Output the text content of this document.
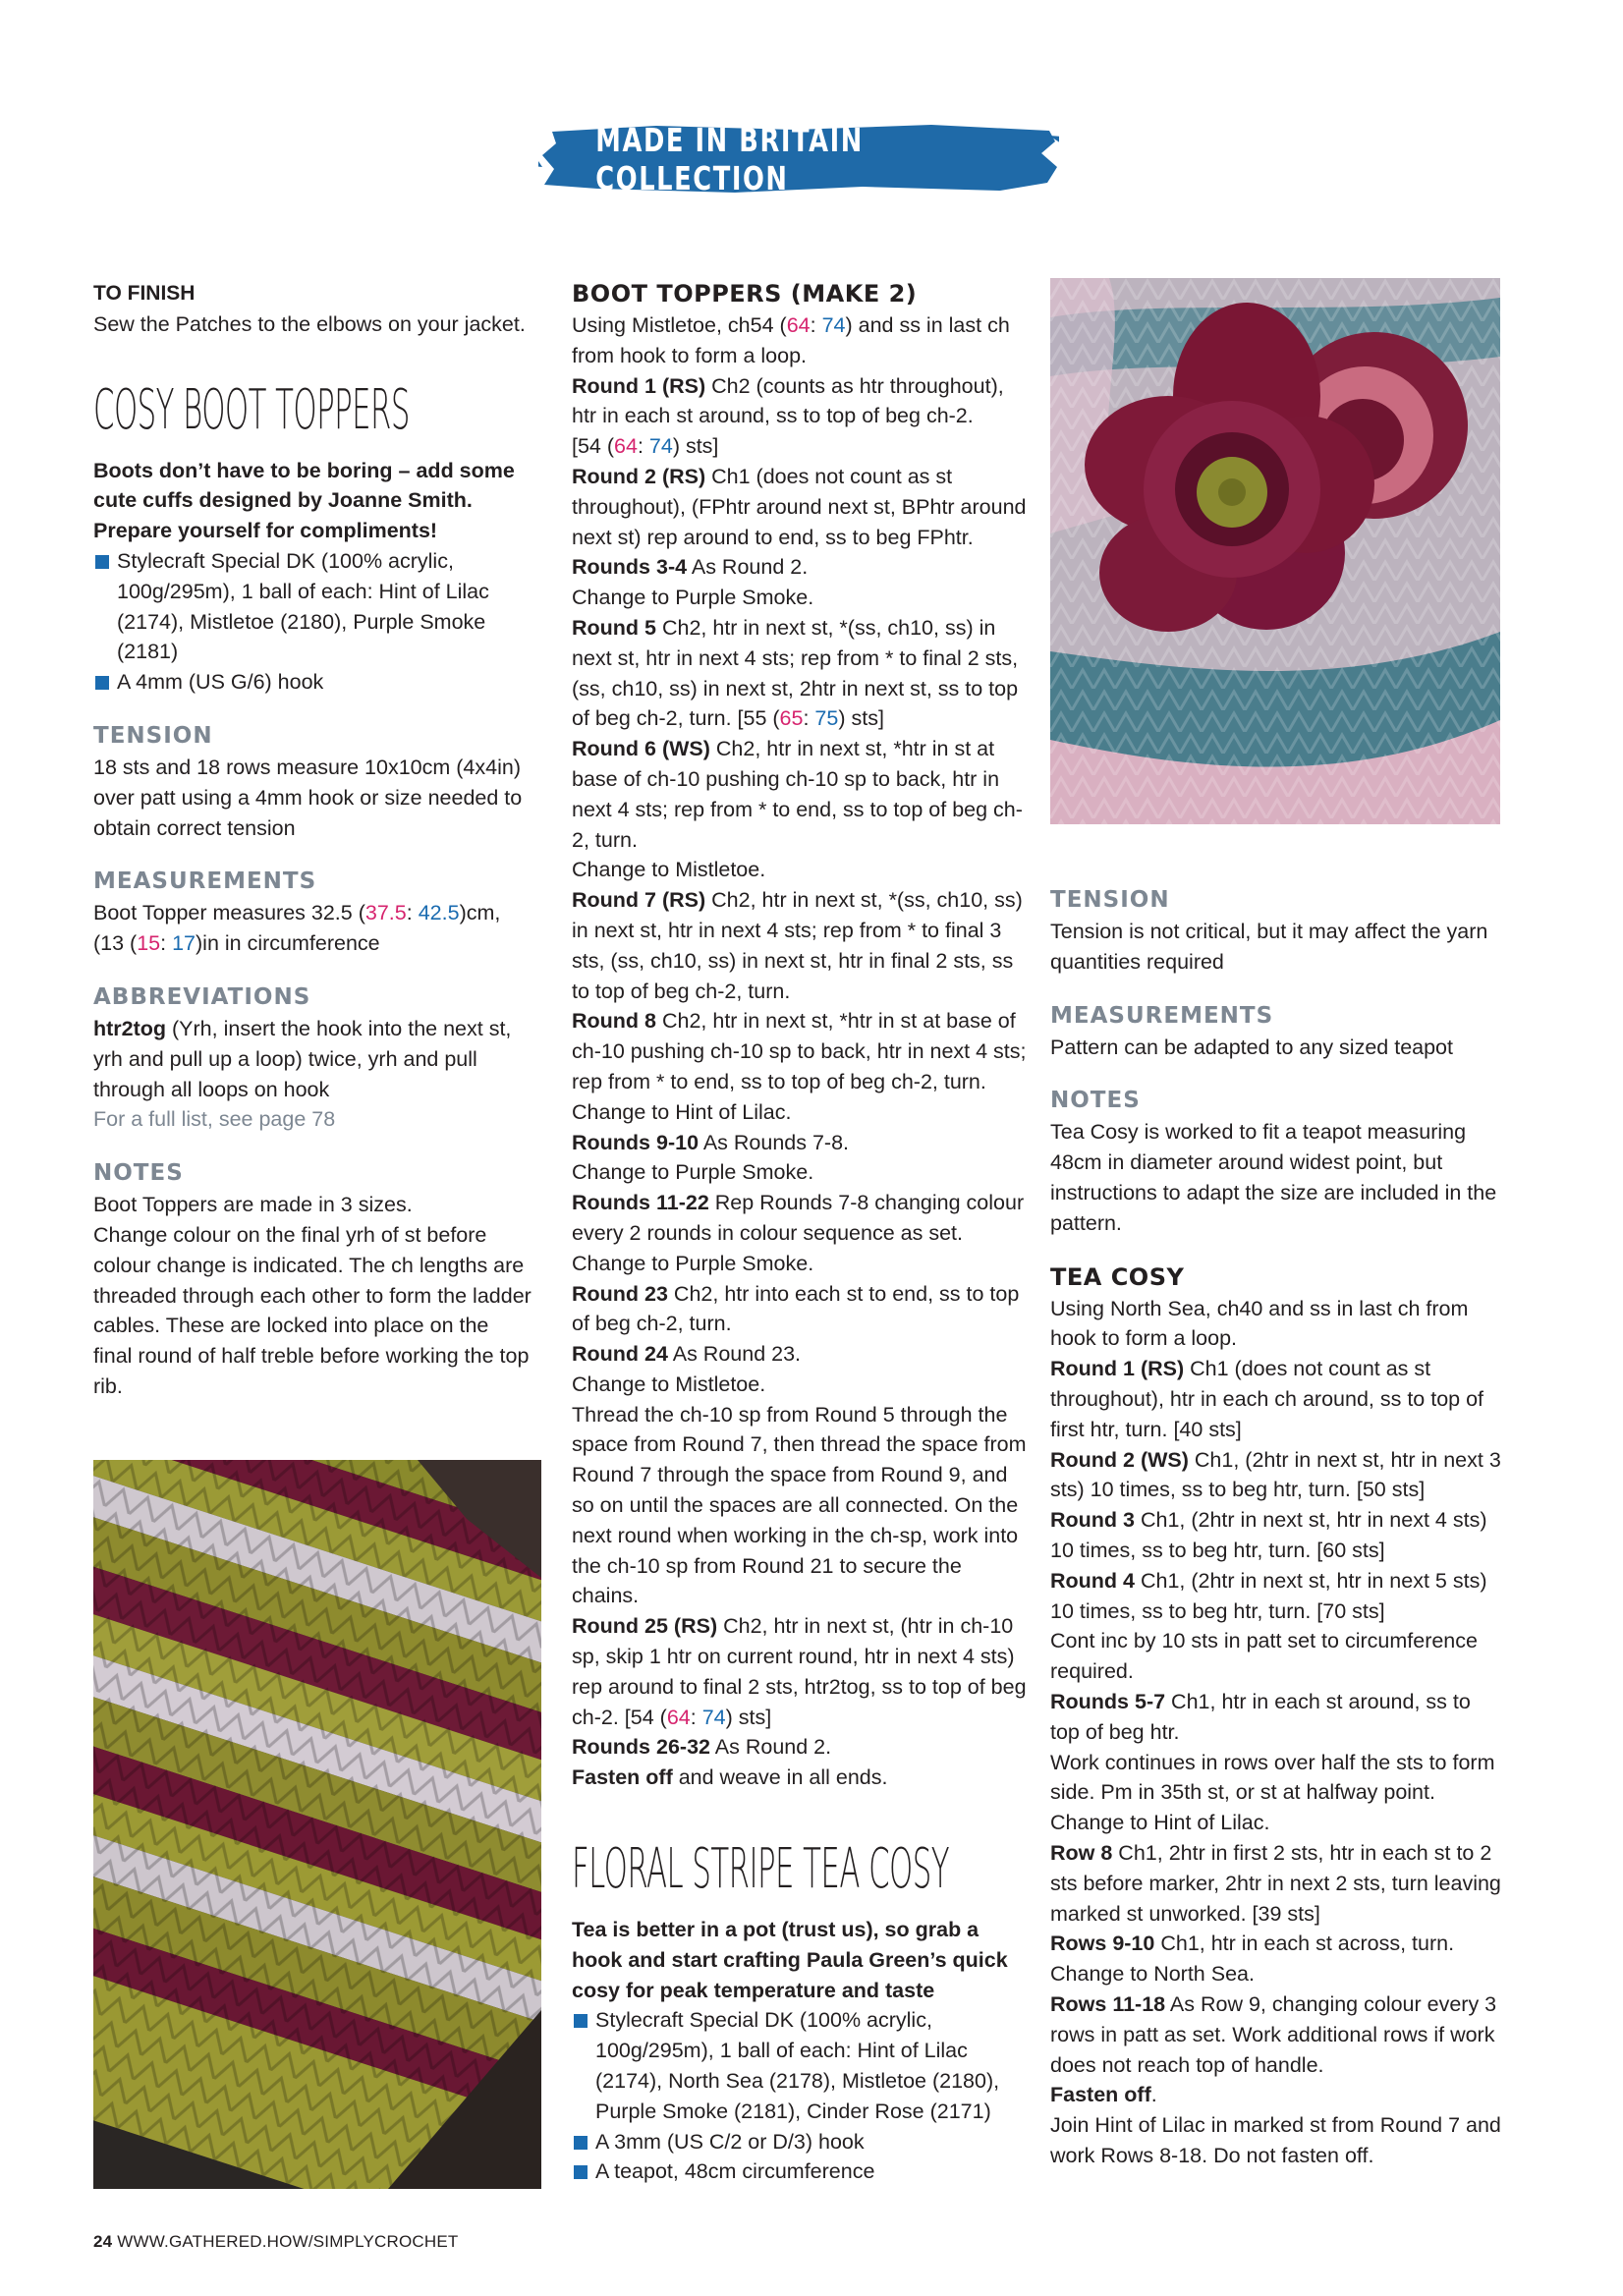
MADE IN BRITAIN COLLECTION

TO FINISH

Sew the Patches to the elbows on your jacket.

COSY BOOT TOPPERS

Boots don’t have to be boring – add some cute cuffs designed by Joanne Smith. Prepare yourself for compliments!

Stylecraft Special DK (100% acrylic, 100g/295m), 1 ball of each: Hint of Lilac (2174), Mistletoe (2180), Purple Smoke (2181)
A 4mm (US G/6) hook

TENSION

18 sts and 18 rows measure 10x10cm (4x4in) over patt using a 4mm hook or size needed to obtain correct tension

MEASUREMENTS

Boot Topper measures 32.5 (37.5: 42.5)cm,

(13 (15: 17)in in circumference

ABBREVIATIONS

htr2tog (Yrh, insert the hook into the next st, yrh and pull up a loop) twice, yrh and pull through all loops on hook

For a full list, see page 78

NOTES

Boot Toppers are made in 3 sizes.

Change colour on the final yrh of st before colour change is indicated. The ch lengths are threaded through each other to form the ladder cables. These are locked into place on the final round of half treble before working the top rib.

BOOT TOPPERS (MAKE 2)

Using Mistletoe, ch54 (64: 74) and ss in last ch from hook to form a loop.

Round 1 (RS) Ch2 (counts as htr throughout), htr in each st around, ss to top of beg ch-2.

[54 (64: 74) sts]

Round 2 (RS) Ch1 (does not count as st throughout), (FPhtr around next st, BPhtr around next st) rep around to end, ss to beg FPhtr.

Rounds 3-4 As Round 2.

Change to Purple Smoke.

Round 5 Ch2, htr in next st, *(ss, ch10, ss) in next st, htr in next 4 sts; rep from * to final 2 sts, (ss, ch10, ss) in next st, 2htr in next st, ss to top of beg ch-2, turn. [55 (65: 75) sts]

Round 6 (WS) Ch2, htr in next st, *htr in st at base of ch-10 pushing ch-10 sp to back, htr in next 4 sts; rep from * to end, ss to top of beg ch-2, turn.

Change to Mistletoe.

Round 7 (RS) Ch2, htr in next st, *(ss, ch10, ss) in next st, htr in next 4 sts; rep from * to final 3 sts, (ss, ch10, ss) in next st, htr in final 2 sts, ss to top of beg ch-2, turn.

Round 8 Ch2, htr in next st, *htr in st at base of ch-10 pushing ch-10 sp to back, htr in next 4 sts; rep from * to end, ss to top of beg ch-2, turn.

Change to Hint of Lilac.

Rounds 9-10 As Rounds 7-8.

Change to Purple Smoke.

Rounds 11-22 Rep Rounds 7-8 changing colour every 2 rounds in colour sequence as set.

Change to Purple Smoke.

Round 23 Ch2, htr into each st to end, ss to top of beg ch-2, turn.

Round 24 As Round 23.

Change to Mistletoe.

Thread the ch-10 sp from Round 5 through the space from Round 7, then thread the space from Round 7 through the space from Round 9, and so on until the spaces are all connected. On the next round when working in the ch-sp, work into the ch-10 sp from Round 21 to secure the chains.

Round 25 (RS) Ch2, htr in next st, (htr in ch-10 sp, skip 1 htr on current round, htr in next 4 sts) rep around to final 2 sts, htr2tog, ss to top of beg ch-2. [54 (64: 74) sts]

Rounds 26-32 As Round 2.

Fasten off and weave in all ends.

FLORAL STRIPE TEA COSY

Tea is better in a pot (trust us), so grab a hook and start crafting Paula Green’s quick cosy for peak temperature and taste

Stylecraft Special DK (100% acrylic, 100g/295m), 1 ball of each: Hint of Lilac (2174), North Sea (2178), Mistletoe (2180), Purple Smoke (2181), Cinder Rose (2171)
A 3mm (US C/2 or D/3) hook
A teapot, 48cm circumference

TENSION

Tension is not critical, but it may affect the yarn quantities required

MEASUREMENTS

Pattern can be adapted to any sized teapot

NOTES

Tea Cosy is worked to fit a teapot measuring 48cm in diameter around widest point, but instructions to adapt the size are included in the pattern.

TEA COSY

Using North Sea, ch40 and ss in last ch from hook to form a loop.

Round 1 (RS) Ch1 (does not count as st throughout), htr in each ch around, ss to top of first htr, turn. [40 sts]

Round 2 (WS) Ch1, (2htr in next st, htr in next 3 sts) 10 times, ss to beg htr, turn. [50 sts]

Round 3 Ch1, (2htr in next st, htr in next 4 sts) 10 times, ss to beg htr, turn. [60 sts]

Round 4 Ch1, (2htr in next st, htr in next 5 sts) 10 times, ss to beg htr, turn. [70 sts]

Cont inc by 10 sts in patt set to circumference required.

Rounds 5-7 Ch1, htr in each st around, ss to top of beg htr.

Work continues in rows over half the sts to form side. Pm in 35th st, or st at halfway point.

Change to Hint of Lilac.

Row 8 Ch1, 2htr in first 2 sts, htr in each st to 2 sts before marker, 2htr in next 2 sts, turn leaving marked st unworked. [39 sts]

Rows 9-10 Ch1, htr in each st across, turn.

Change to North Sea.

Rows 11-18 As Row 9, changing colour every 3 rows in patt as set. Work additional rows if work does not reach top of handle.

Fasten off.

Join Hint of Lilac in marked st from Round 7 and work Rows 8-18. Do not fasten off.

24 WWW.GATHERED.HOW/SIMPLYCROCHET
